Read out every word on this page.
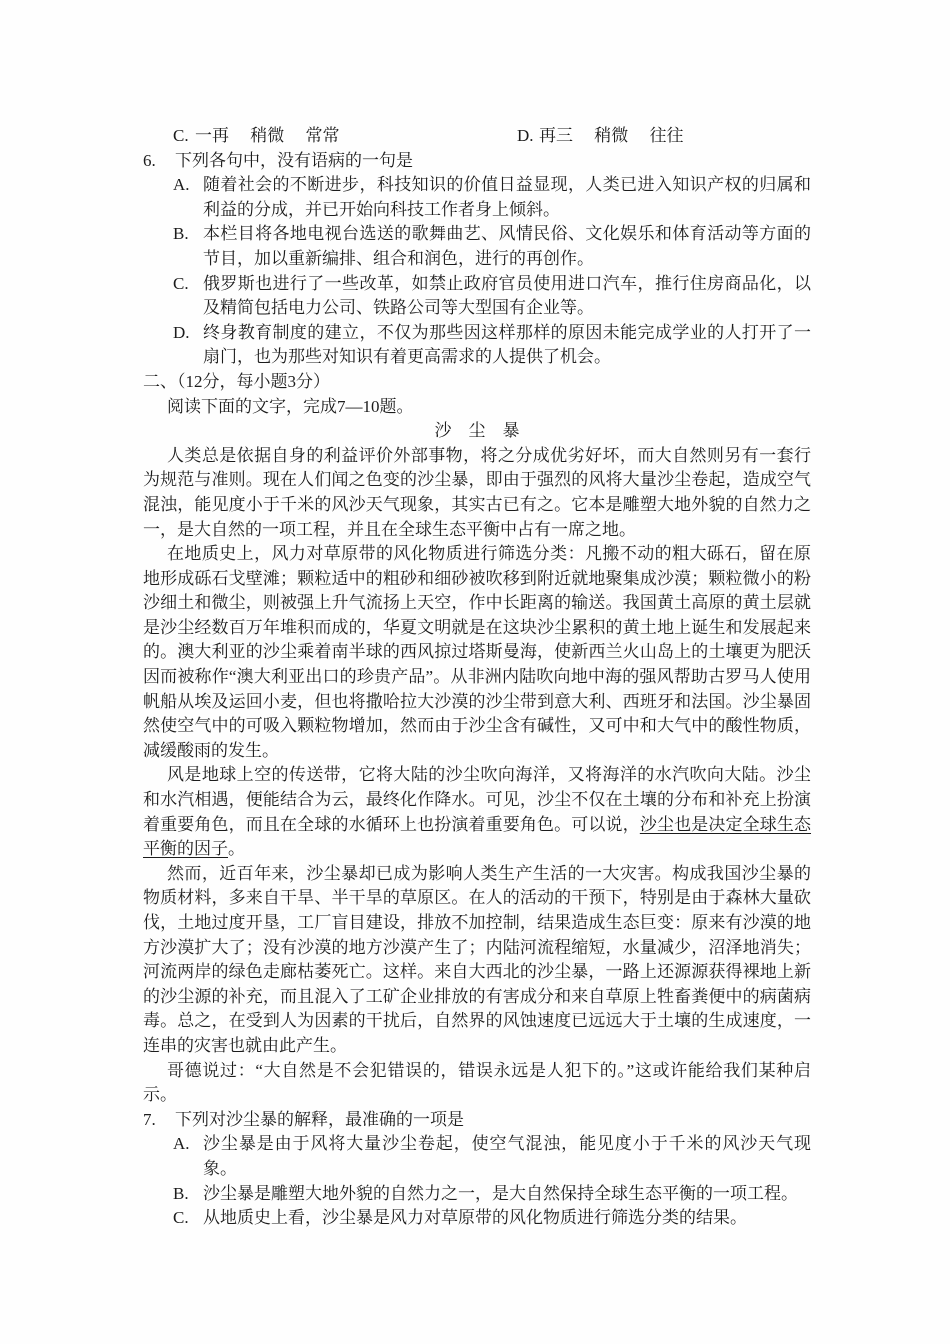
C. 一再　 稍微　 常常	D. 再三　 稍微　 往往
6. 下列各句中，没有语病的一句是
A. 随着社会的不断进步，科技知识的价值日益显现，人类已进入知识产权的归属和利益的分成，并已开始向科技工作者身上倾斜。
B. 本栏目将各地电视台选送的歌舞曲艺、风情民俗、文化娱乐和体育活动等方面的节目，加以重新编排、组合和润色，进行的再创作。
C. 俄罗斯也进行了一些改革，如禁止政府官员使用进口汽车，推行住房商品化，以及精简包括电力公司、铁路公司等大型国有企业等。
D. 终身教育制度的建立，不仅为那些因这样那样的原因未能完成学业的人打开了一扇门，也为那些对知识有着更高需求的人提供了机会。
二、（12分，每小题3分）
阅读下面的文字，完成7—10题。
沙　尘　暴
人类总是依据自身的利益评价外部事物，将之分成优劣好坏，而大自然则另有一套行为规范与准则。现在人们闻之色变的沙尘暴，即由于强烈的风将大量沙尘卷起，造成空气混浊，能见度小于千米的风沙天气现象，其实古已有之。它本是雕塑大地外貌的自然力之一，是大自然的一项工程，并且在全球生态平衡中占有一席之地。
在地质史上，风力对草原带的风化物质进行筛选分类：凡搬不动的粗大砾石，留在原地形成砾石戈壁滩；颗粒适中的粗砂和细砂被吹移到附近就地聚集成沙漠；颗粒微小的粉沙细土和微尘，则被强上升气流扬上天空，作中长距离的输送。我国黄土高原的黄土层就是沙尘经数百万年堆积而成的，华夏文明就是在这块沙尘累积的黄土地上诞生和发展起来的。澳大利亚的沙尘乘着南半球的西风掠过塔斯曼海，使新西兰火山岛上的土壤更为肥沃因而被称作“澳大利亚出口的珍贵产品”。从非洲内陆吹向地中海的强风帮助古罗马人使用帆船从埃及运回小麦，但也将撒哈拉大沙漠的沙尘带到意大利、西班牙和法国。沙尘暴固然使空气中的可吸入颗粒物增加，然而由于沙尘含有碱性，又可中和大气中的酸性物质，减缓酸雨的发生。
风是地球上空的传送带，它将大陆的沙尘吹向海洋，又将海洋的水汽吹向大陆。沙尘和水汽相遇，便能结合为云，最终化作降水。可见，沙尘不仅在土壤的分布和补充上扮演着重要角色，而且在全球的水循环上也扮演着重要角色。可以说，沙尘也是决定全球生态平衡的因子。
然而，近百年来，沙尘暴却已成为影响人类生产生活的一大灾害。构成我国沙尘暴的物质材料，多来自干旱、半干旱的草原区。在人的活动的干预下，特别是由于森林大量砍伐，土地过度开垦，工厂盲目建设，排放不加控制，结果造成生态巨变：原来有沙漠的地方沙漠扩大了；没有沙漠的地方沙漠产生了；内陆河流程缩短，水量减少，沼泽地消失；河流两岸的绿色走廊枯萎死亡。这样。来自大西北的沙尘暴，一路上还源源获得裸地上新的沙尘源的补充，而且混入了工矿企业排放的有害成分和来自草原上牲畜粪便中的病菌病毒。总之，在受到人为因素的干扰后，自然界的风蚀速度已远远大于土壤的生成速度，一连串的灾害也就由此产生。
哥德说过：“大自然是不会犯错误的，错误永远是人犯下的。”这或许能给我们某种启示。
7. 下列对沙尘暴的解释，最准确的一项是
A. 沙尘暴是由于风将大量沙尘卷起，使空气混浊，能见度小于千米的风沙天气现象。
B. 沙尘暴是雕塑大地外貌的自然力之一，是大自然保持全球生态平衡的一项工程。
C. 从地质史上看，沙尘暴是风力对草原带的风化物质进行筛选分类的结果。
